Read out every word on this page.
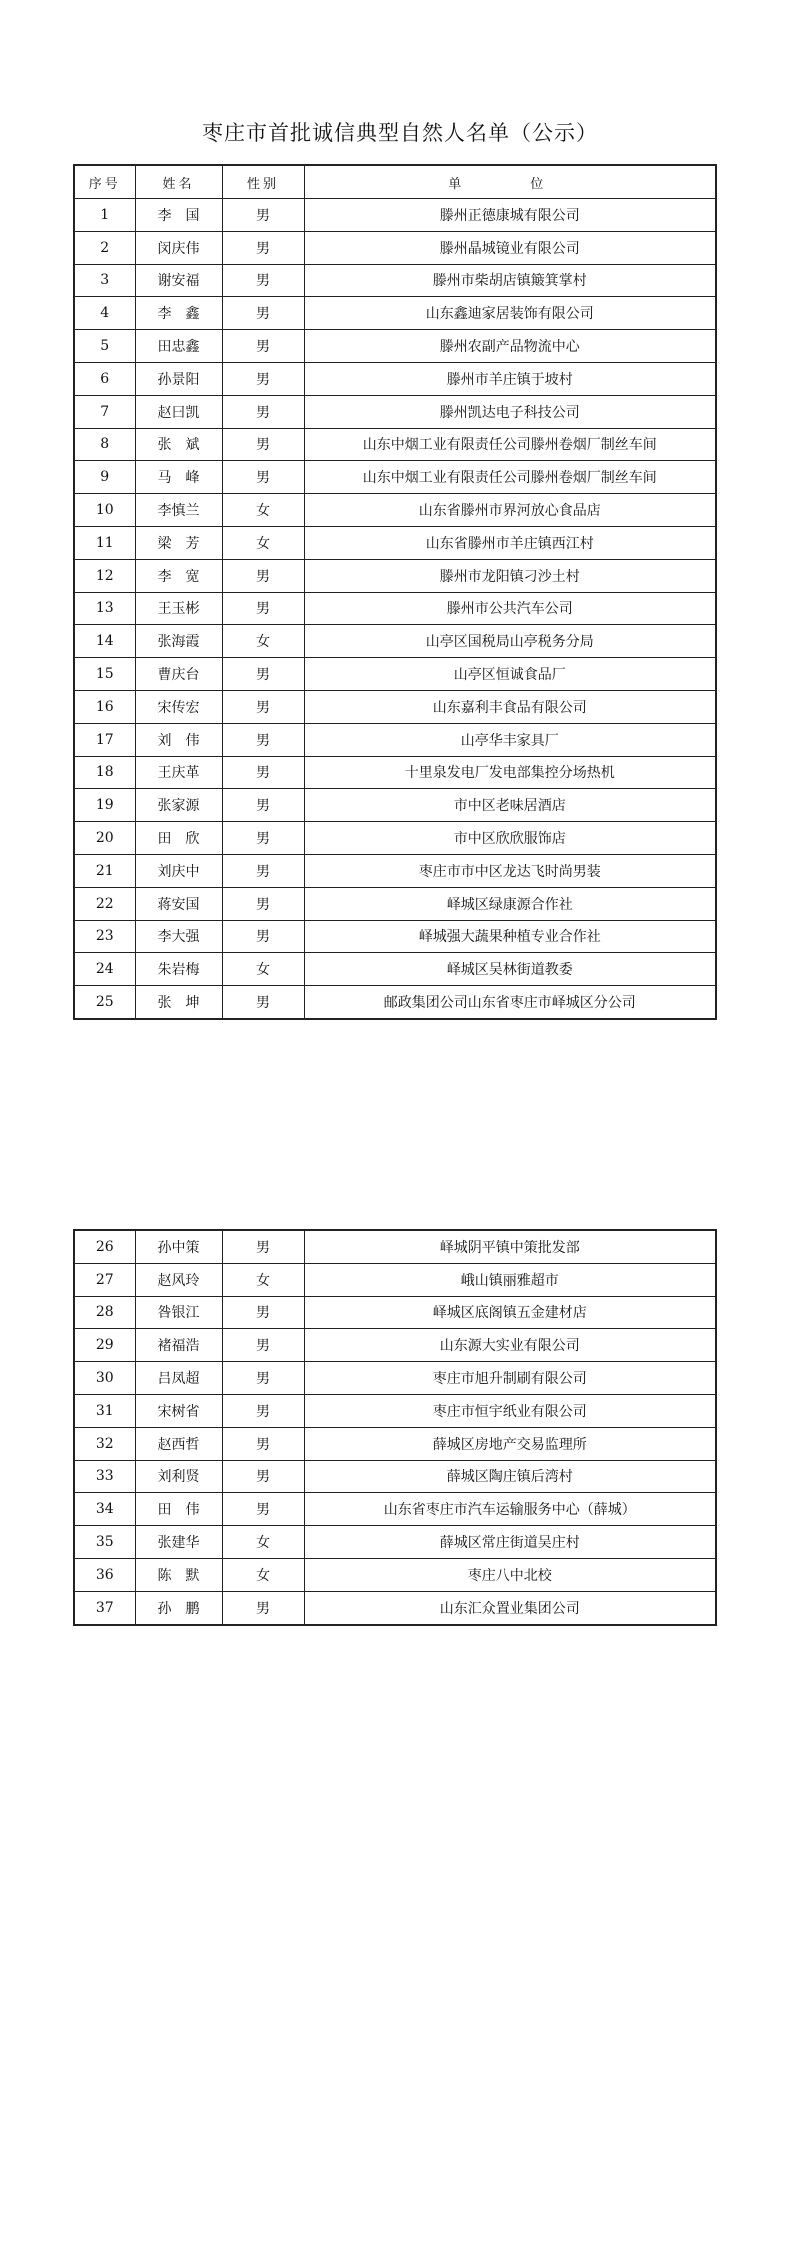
枣庄市首批诚信典型自然人名单（公示）
序号	姓名	性别	单　位
1	李　国	男	滕州正德康城有限公司
2	闵庆伟	男	滕州晶城镜业有限公司
3	谢安福	男	滕州市柴胡店镇簸箕掌村
4	李　鑫	男	山东鑫迪家居装饰有限公司
5	田忠鑫	男	滕州农副产品物流中心
6	孙景阳	男	滕州市羊庄镇于坡村
7	赵曰凯	男	滕州凯达电子科技公司
8	张　斌	男	山东中烟工业有限责任公司滕州卷烟厂制丝车间
9	马　峰	男	山东中烟工业有限责任公司滕州卷烟厂制丝车间
10	李慎兰	女	山东省滕州市界河放心食品店
11	梁　芳	女	山东省滕州市羊庄镇西江村
12	李　宽	男	滕州市龙阳镇刁沙土村
13	王玉彬	男	滕州市公共汽车公司
14	张海霞	女	山亭区国税局山亭税务分局
15	曹庆台	男	山亭区恒诚食品厂
16	宋传宏	男	山东嘉利丰食品有限公司
17	刘　伟	男	山亭华丰家具厂
18	王庆革	男	十里泉发电厂发电部集控分场热机
19	张家源	男	市中区老味居酒店
20	田　欣	男	市中区欣欣服饰店
21	刘庆中	男	枣庄市市中区龙达飞时尚男装
22	蒋安国	男	峄城区绿康源合作社
23	李大强	男	峄城强大蔬果种植专业合作社
24	朱岩梅	女	峄城区吴林街道教委
25	张　坤	男	邮政集团公司山东省枣庄市峄城区分公司
26	孙中策	男	峄城阴平镇中策批发部
27	赵风玲	女	峨山镇丽雅超市
28	咎银江	男	峄城区底阁镇五金建材店
29	褚福浩	男	山东源大实业有限公司
30	吕凤超	男	枣庄市旭升制刷有限公司
31	宋树省	男	枣庄市恒宇纸业有限公司
32	赵西哲	男	薛城区房地产交易监理所
33	刘利贤	男	薛城区陶庄镇后湾村
34	田　伟	男	山东省枣庄市汽车运输服务中心（薛城）
35	张建华	女	薛城区常庄街道吴庄村
36	陈　默	女	枣庄八中北校
37	孙　鹏	男	山东汇众置业集团公司
